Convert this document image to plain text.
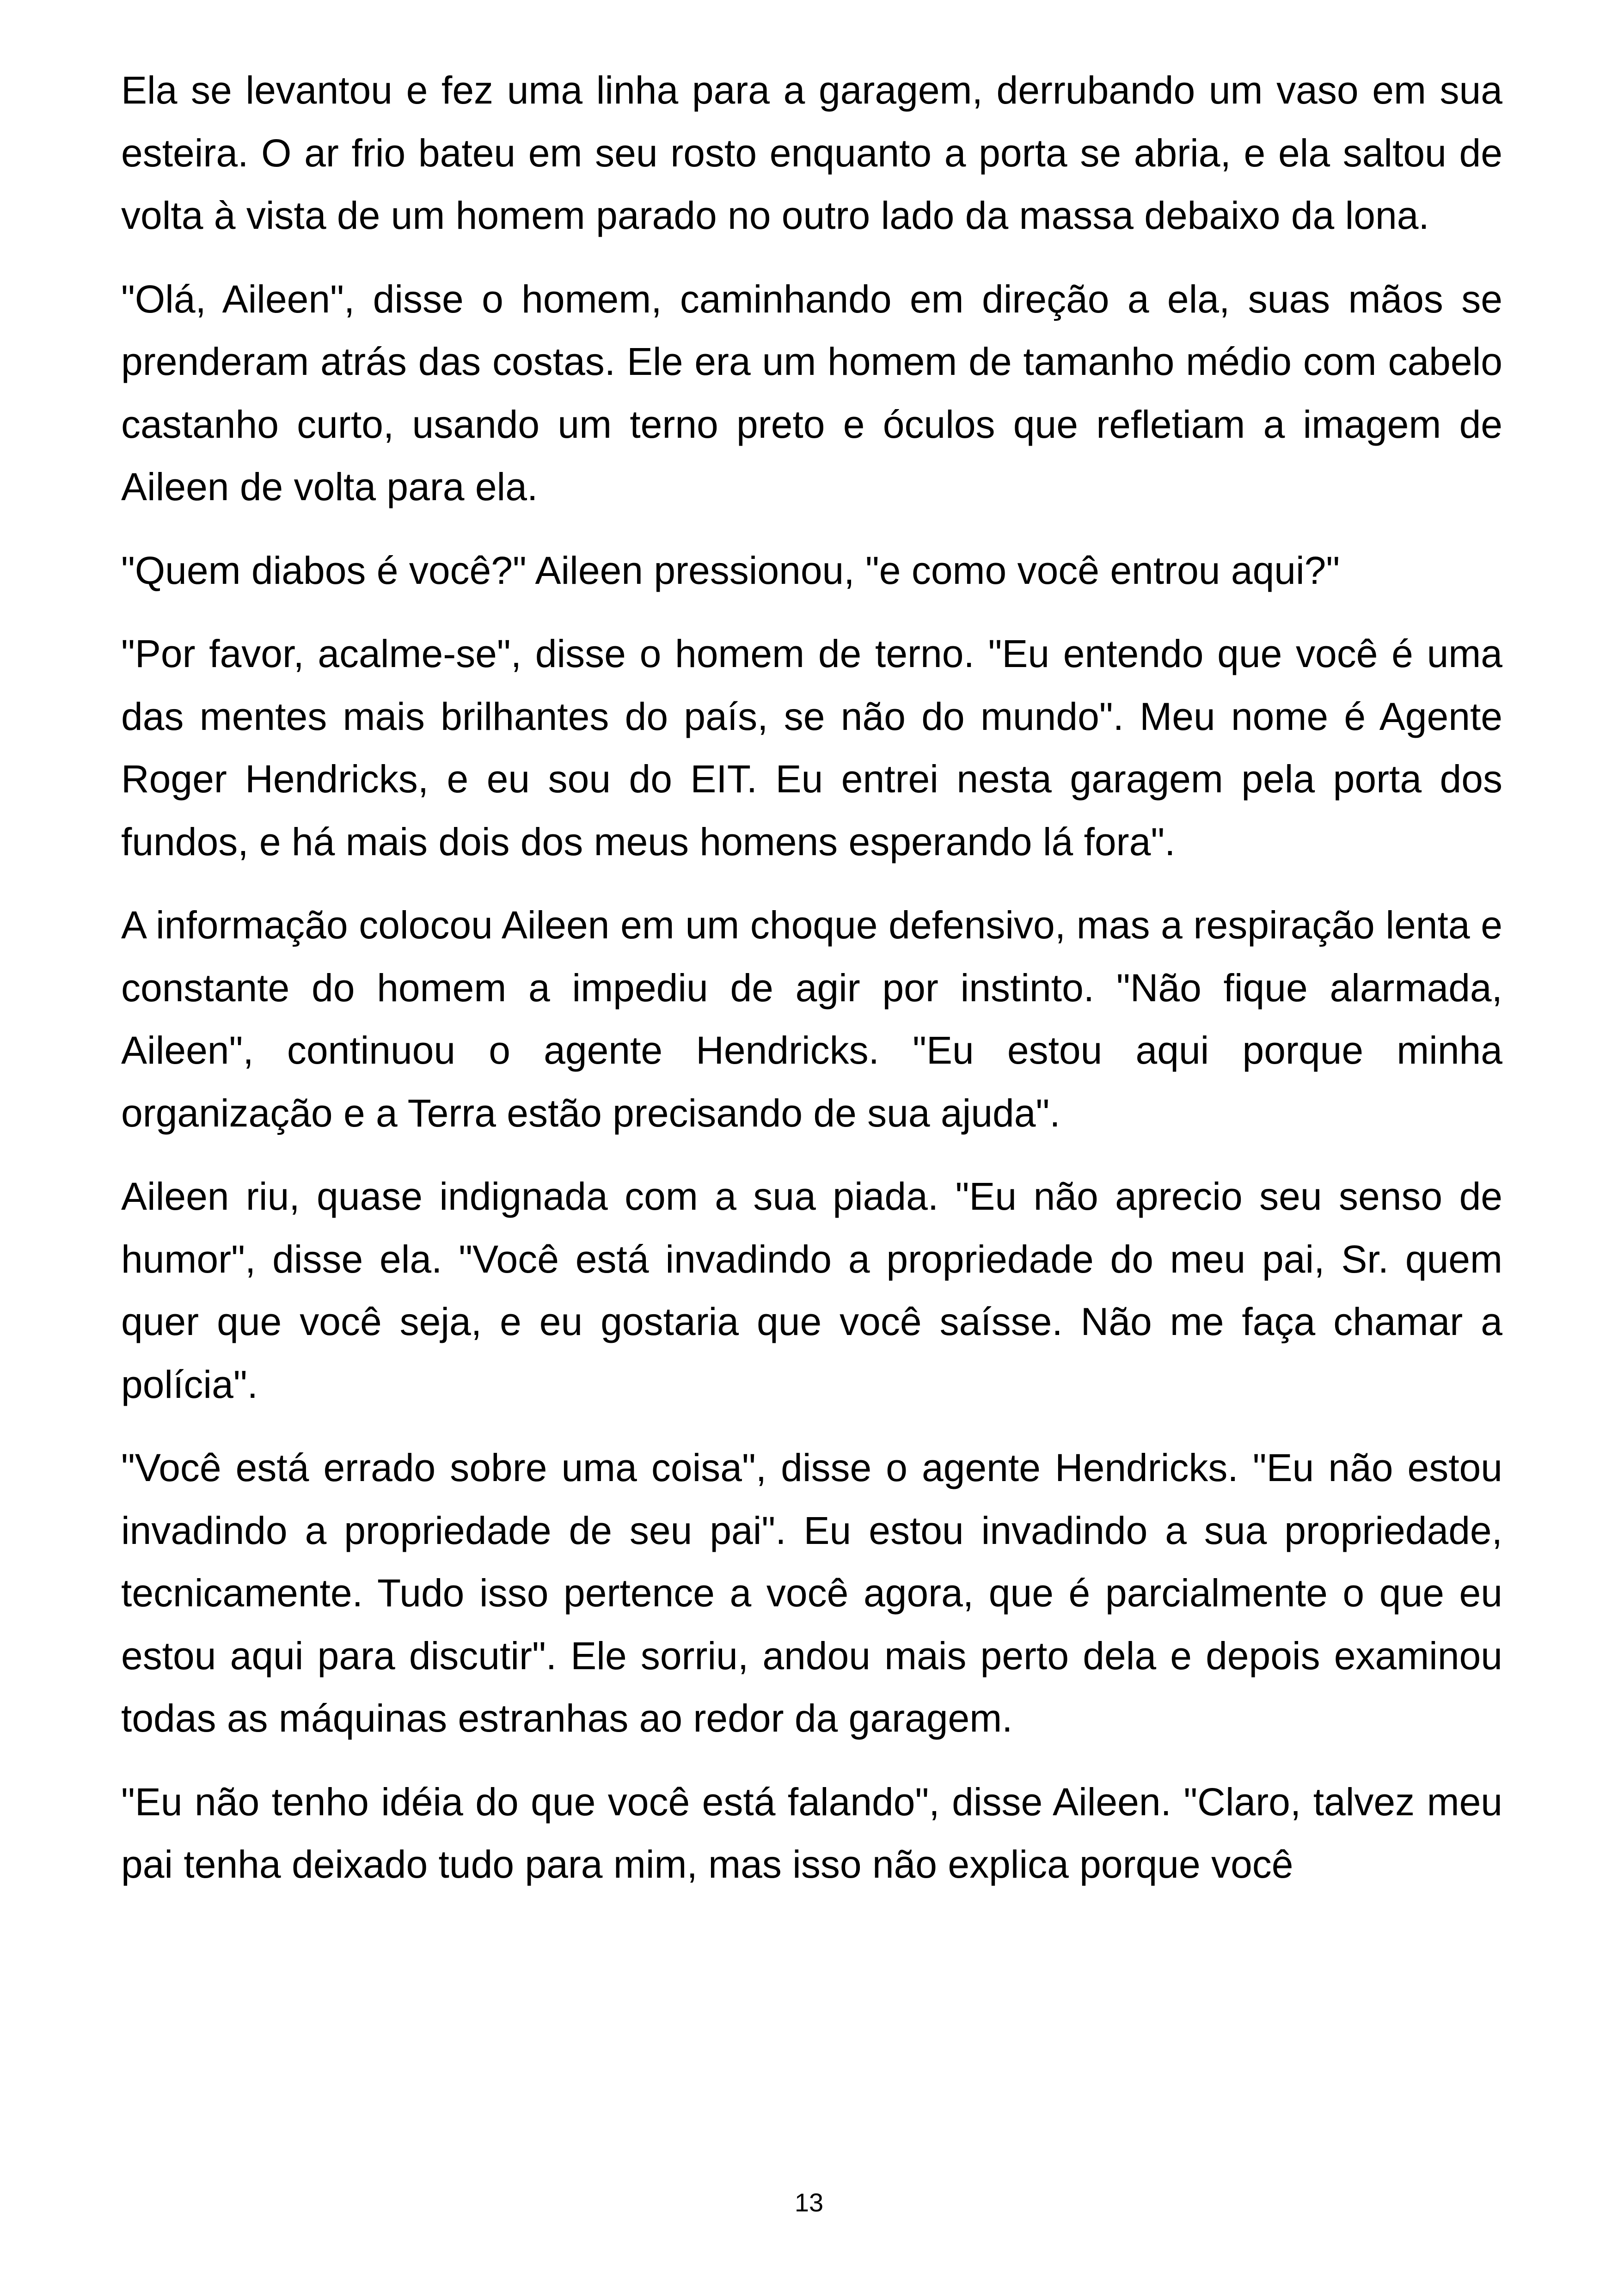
Ela se levantou e fez uma linha para a garagem, derrubando um vaso em sua esteira. O ar frio bateu em seu rosto enquanto a porta se abria, e ela saltou de volta à vista de um homem parado no outro lado da massa debaixo da lona.

"Olá, Aileen", disse o homem, caminhando em direção a ela, suas mãos se prenderam atrás das costas. Ele era um homem de tamanho médio com cabelo castanho curto, usando um terno preto e óculos que refletiam a imagem de Aileen de volta para ela.

"Quem diabos é você?" Aileen pressionou, "e como você entrou aqui?"

"Por favor, acalme-se", disse o homem de terno. "Eu entendo que você é uma das mentes mais brilhantes do país, se não do mundo". Meu nome é Agente Roger Hendricks, e eu sou do EIT. Eu entrei nesta garagem pela porta dos fundos, e há mais dois dos meus homens esperando lá fora".

A informação colocou Aileen em um choque defensivo, mas a respiração lenta e constante do homem a impediu de agir por instinto. "Não fique alarmada, Aileen", continuou o agente Hendricks. "Eu estou aqui porque minha organização e a Terra estão precisando de sua ajuda".

Aileen riu, quase indignada com a sua piada. "Eu não aprecio seu senso de humor", disse ela. "Você está invadindo a propriedade do meu pai, Sr. quem quer que você seja, e eu gostaria que você saísse. Não me faça chamar a polícia".

"Você está errado sobre uma coisa", disse o agente Hendricks. "Eu não estou invadindo a propriedade de seu pai". Eu estou invadindo a sua propriedade, tecnicamente. Tudo isso pertence a você agora, que é parcialmente o que eu estou aqui para discutir". Ele sorriu, andou mais perto dela e depois examinou todas as máquinas estranhas ao redor da garagem.

"Eu não tenho idéia do que você está falando", disse Aileen. "Claro, talvez meu pai tenha deixado tudo para mim, mas isso não explica porque você

13
